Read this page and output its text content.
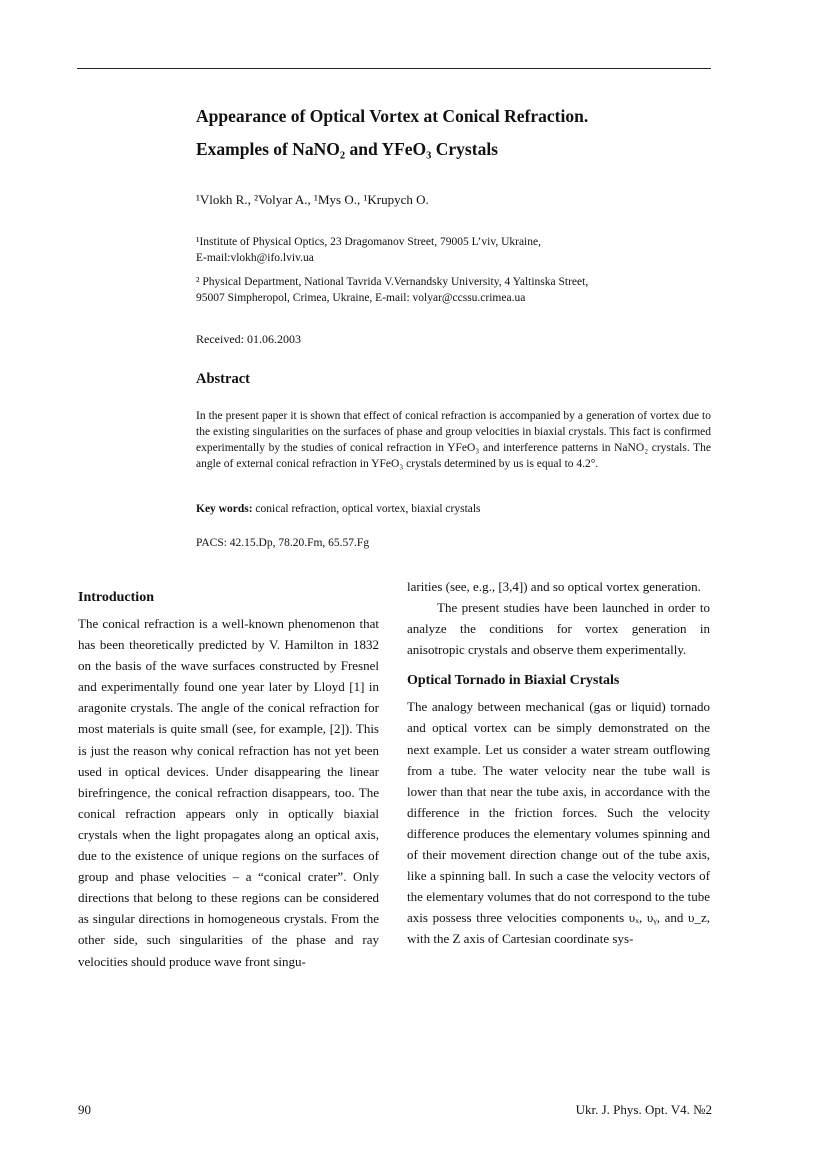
Appearance of Optical Vortex at Conical Refraction.
Examples of NaNO₂ and YFeO₃ Crystals
¹Vlokh R., ²Volyar A., ¹Mys O., ¹Krupych O.
¹Institute of Physical Optics, 23 Dragomanov Street, 79005 L’viv, Ukraine,
E-mail:vlokh@ifo.lviv.ua
² Physical Department, National Tavrida V.Vernandsky University, 4 Yaltinska Street,
95007 Simpheropol, Crimea, Ukraine, E-mail: volyar@ccssu.crimea.ua
Received: 01.06.2003
Abstract
In the present paper it is shown that effect of conical refraction is accompanied by a generation of vortex due to the existing singularities on the surfaces of phase and group velocities in biaxial crystals. This fact is confirmed experimentally by the studies of conical refraction in YFeO₃ and interference patterns in NaNO₂ crystals. The angle of external conical refraction in YFeO₃ crystals determined by us is equal to 4.2°.
Key words: conical refraction, optical vortex, biaxial crystals
PACS: 42.15.Dp, 78.20.Fm, 65.57.Fg
Introduction

The conical refraction is a well-known phenomenon that has been theoretically predicted by V. Hamilton in 1832 on the basis of the wave surfaces constructed by Fresnel and experimentally found one year later by Lloyd [1] in aragonite crystals. The angle of the conical refraction for most materials is quite small (see, for example, [2]). This is just the reason why conical refraction has not yet been used in optical devices. Under disappearing the linear birefringence, the conical refraction disappears, too. The conical refraction appears only in optically biaxial crystals when the light propagates along an optical axis, due to the existence of unique regions on the surfaces of group and phase velocities – a “conical crater”. Only directions that belong to these regions can be considered as singular directions in homogeneous crystals. From the other side, such singularities of the phase and ray velocities should produce wave front singu-

larities (see, e.g., [3,4]) and so optical vortex generation.

The present studies have been launched in order to analyze the conditions for vortex generation in anisotropic crystals and observe them experimentally.

Optical Tornado in Biaxial Crystals

The analogy between mechanical (gas or liquid) tornado and optical vortex can be simply demonstrated on the next example. Let us consider a water stream outflowing from a tube. The water velocity near the tube wall is lower than that near the tube axis, in accordance with the difference in the friction forces. Such the velocity difference produces the elementary volumes spinning and of their movement direction change out of the tube axis, like a spinning ball. In such a case the velocity vectors of the elementary volumes that do not correspond to the tube axis possess three velocities components υₓ, υᵧ, and υ_z, with the Z axis of Cartesian coordinate sys-

90	Ukr. J. Phys. Opt. V4. №2
